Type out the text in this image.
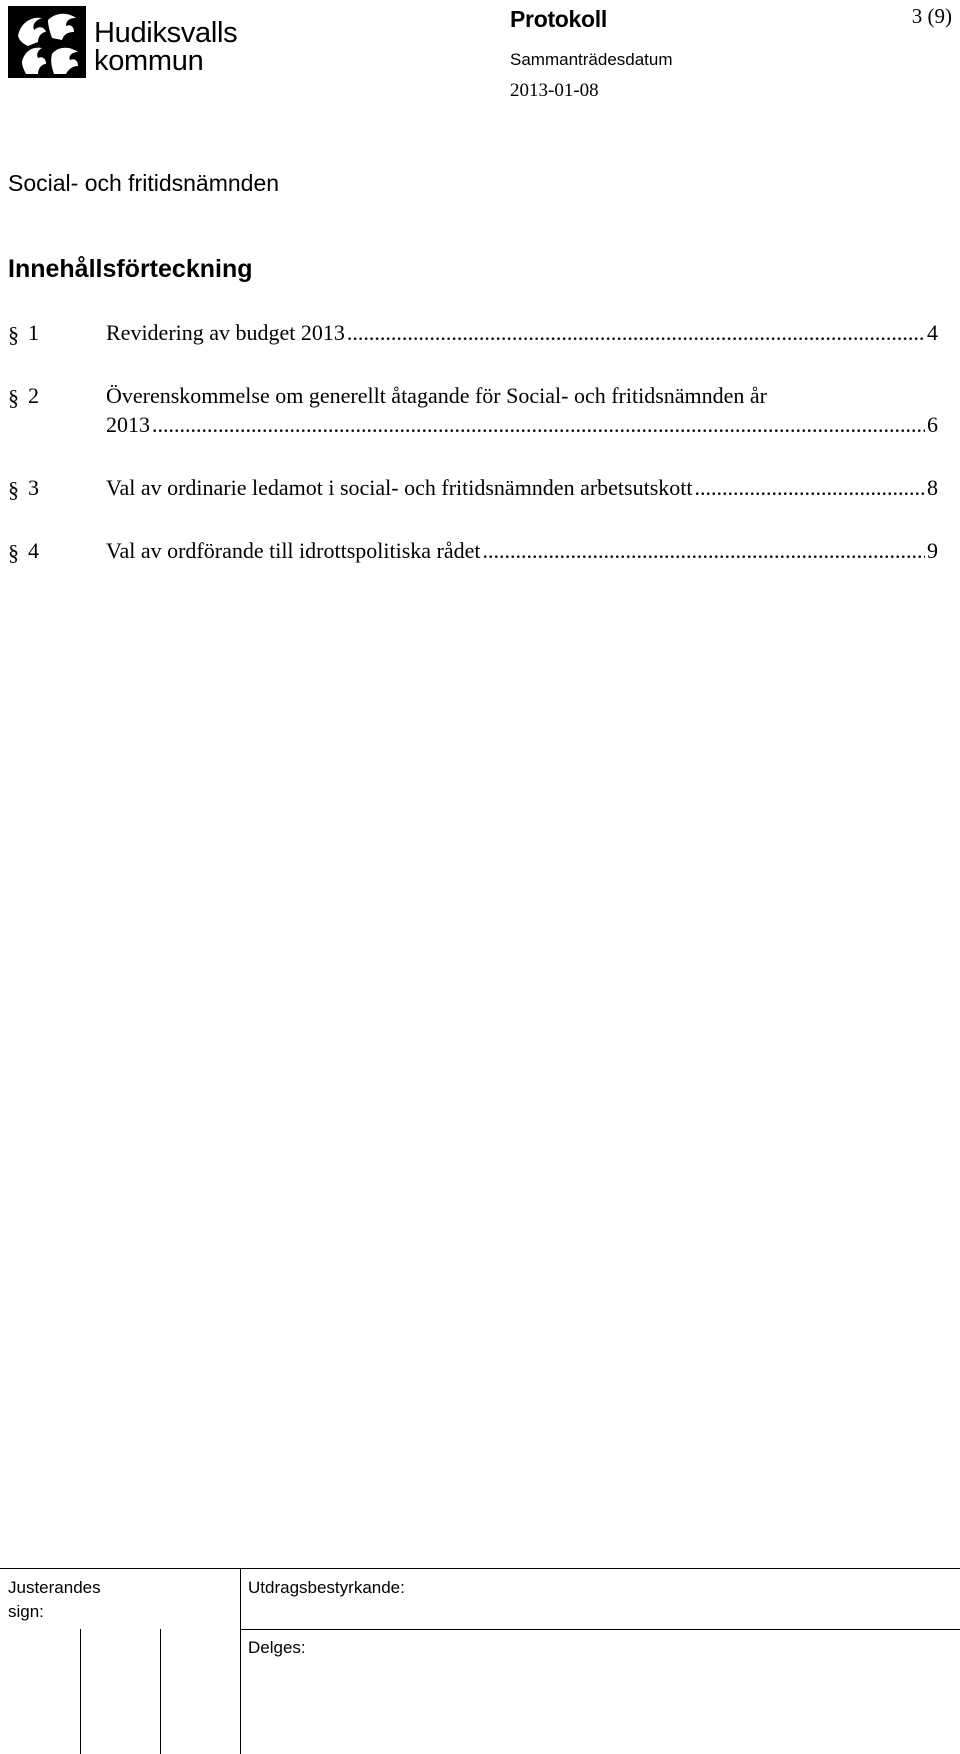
Hudiksvalls
kommun
Protokoll	3 (9)
Sammanträdesdatum
2013-01-08
Social- och fritidsnämnden
Innehållsförteckning
§ 1	Revidering av budget 2013 .....	4
§ 2	Överenskommelse om generellt åtagande för Social- och fritidsnämnden år
2013 .....	6
§ 3	Val av ordinarie ledamot i social- och fritidsnämnden arbetsutskott .....	8
§ 4	Val av ordförande till idrottspolitiska rådet .....	9
Justerandes
sign:
Utdragsbestyrkande:
Delges:
